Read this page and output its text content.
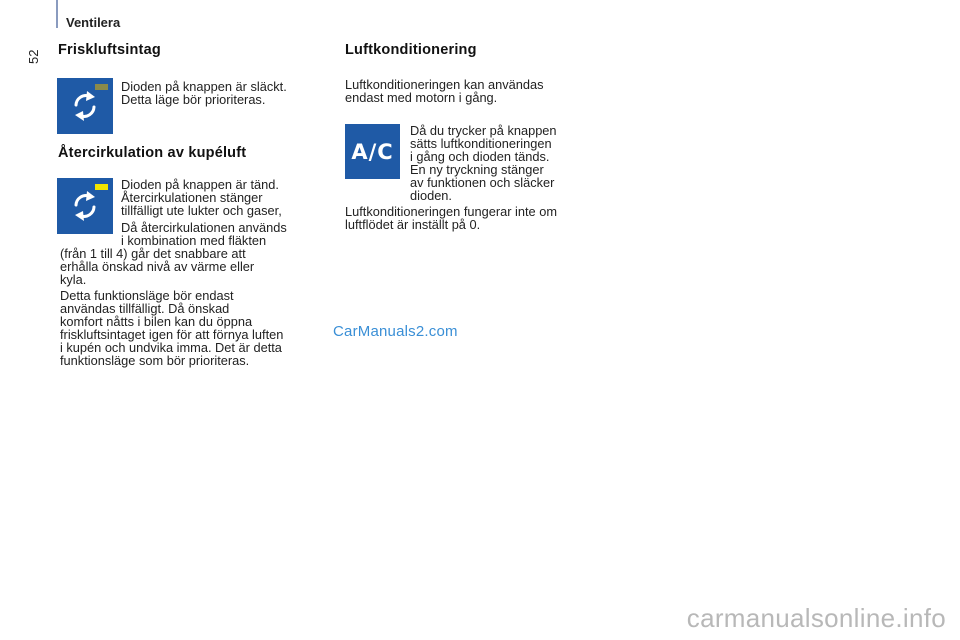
Ventilera
52 Friskluftsintag
Dioden på knappen är släckt.
Detta läge bör prioriteras.
Återcirkulation av kupéluft
Dioden på knappen är tänd.
Återcirkulationen stänger
tillfälligt ute lukter och gaser,
Då återcirkulationen används
i kombination med fläkten
(från 1 till 4) går det snabbare att
erhålla önskad nivå av värme eller
kyla.
Detta funktionsläge bör endast
användas tillfälligt. Då önskad
komfort nåtts i bilen kan du öppna
friskluftsintaget igen för att förnya luften
i kupén och undvika imma. Det är detta
funktionsläge som bör prioriteras.
Luftkonditionering
Luftkonditioneringen kan användas
endast med motorn i gång.
A/C
Då du trycker på knappen
sätts luftkonditioneringen
i gång och dioden tänds.
En ny tryckning stänger
av funktionen och släcker
dioden.
Luftkonditioneringen fungerar inte om
luftflödet är inställt på 0.
CarManuals2.com
carmanualsonline.info
